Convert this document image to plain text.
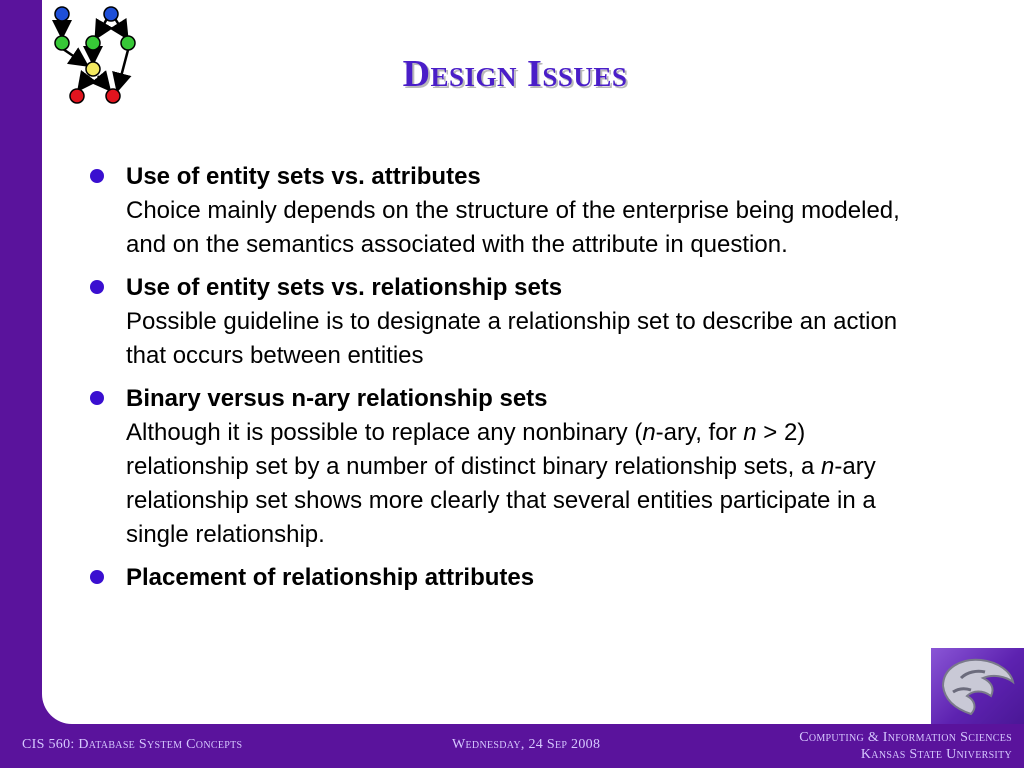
Design Issues
Use of entity sets vs. attributes
Choice mainly depends on the structure of the enterprise being modeled, and on the semantics associated with the attribute in question.
Use of entity sets vs. relationship sets
Possible guideline is to designate a relationship set to describe an action that occurs between entities
Binary versus n-ary relationship sets
Although it is possible to replace any nonbinary (n-ary, for n > 2) relationship set by a number of distinct binary relationship sets, a n-ary relationship set shows more clearly that several entities participate in a single relationship.
Placement of relationship attributes
CIS 560: Database System Concepts	Wednesday, 24 Sep 2008	Computing & Information Sciences
Kansas State University
